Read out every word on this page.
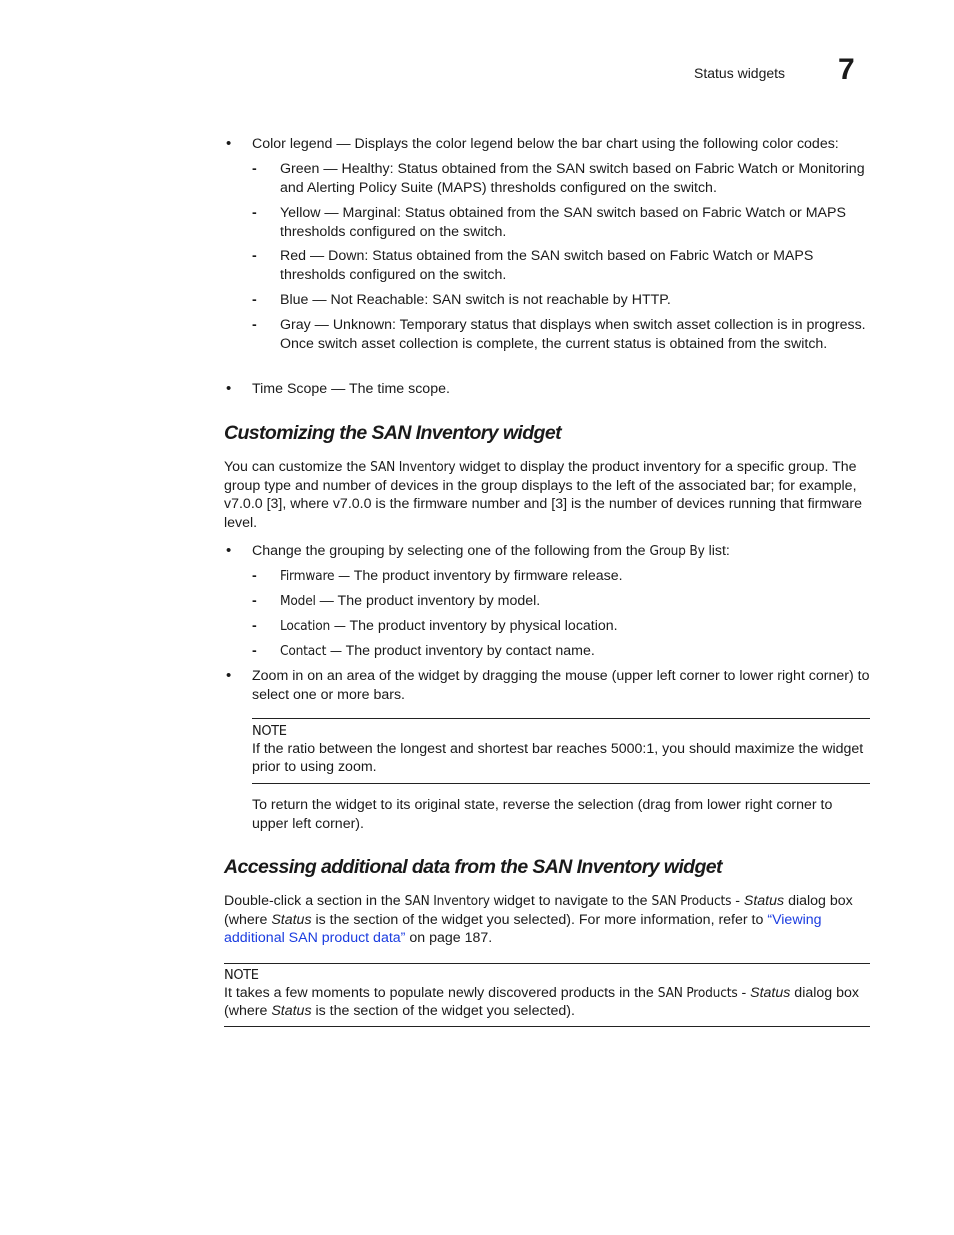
Status widgets 7
• Color legend — Displays the color legend below the bar chart using the following color codes:
- Green — Healthy: Status obtained from the SAN switch based on Fabric Watch or Monitoring and Alerting Policy Suite (MAPS) thresholds configured on the switch.
- Yellow — Marginal: Status obtained from the SAN switch based on Fabric Watch or MAPS thresholds configured on the switch.
- Red — Down: Status obtained from the SAN switch based on Fabric Watch or MAPS thresholds configured on the switch.
- Blue — Not Reachable: SAN switch is not reachable by HTTP.
- Gray — Unknown: Temporary status that displays when switch asset collection is in progress. Once switch asset collection is complete, the current status is obtained from the switch.
• Time Scope — The time scope.
Customizing the SAN Inventory widget
You can customize the SAN Inventory widget to display the product inventory for a specific group. The group type and number of devices in the group displays to the left of the associated bar; for example, v7.0.0 [3], where v7.0.0 is the firmware number and [3] is the number of devices running that firmware level.
• Change the grouping by selecting one of the following from the Group By list:
- Firmware — The product inventory by firmware release.
- Model — The product inventory by model.
- Location — The product inventory by physical location.
- Contact — The product inventory by contact name.
• Zoom in on an area of the widget by dragging the mouse (upper left corner to lower right corner) to select one or more bars.
NOTE
If the ratio between the longest and shortest bar reaches 5000:1, you should maximize the widget prior to using zoom.
To return the widget to its original state, reverse the selection (drag from lower right corner to upper left corner).
Accessing additional data from the SAN Inventory widget
Double-click a section in the SAN Inventory widget to navigate to the SAN Products - Status dialog box (where Status is the section of the widget you selected). For more information, refer to “Viewing additional SAN product data” on page 187.
NOTE
It takes a few moments to populate newly discovered products in the SAN Products - Status dialog box (where Status is the section of the widget you selected).
